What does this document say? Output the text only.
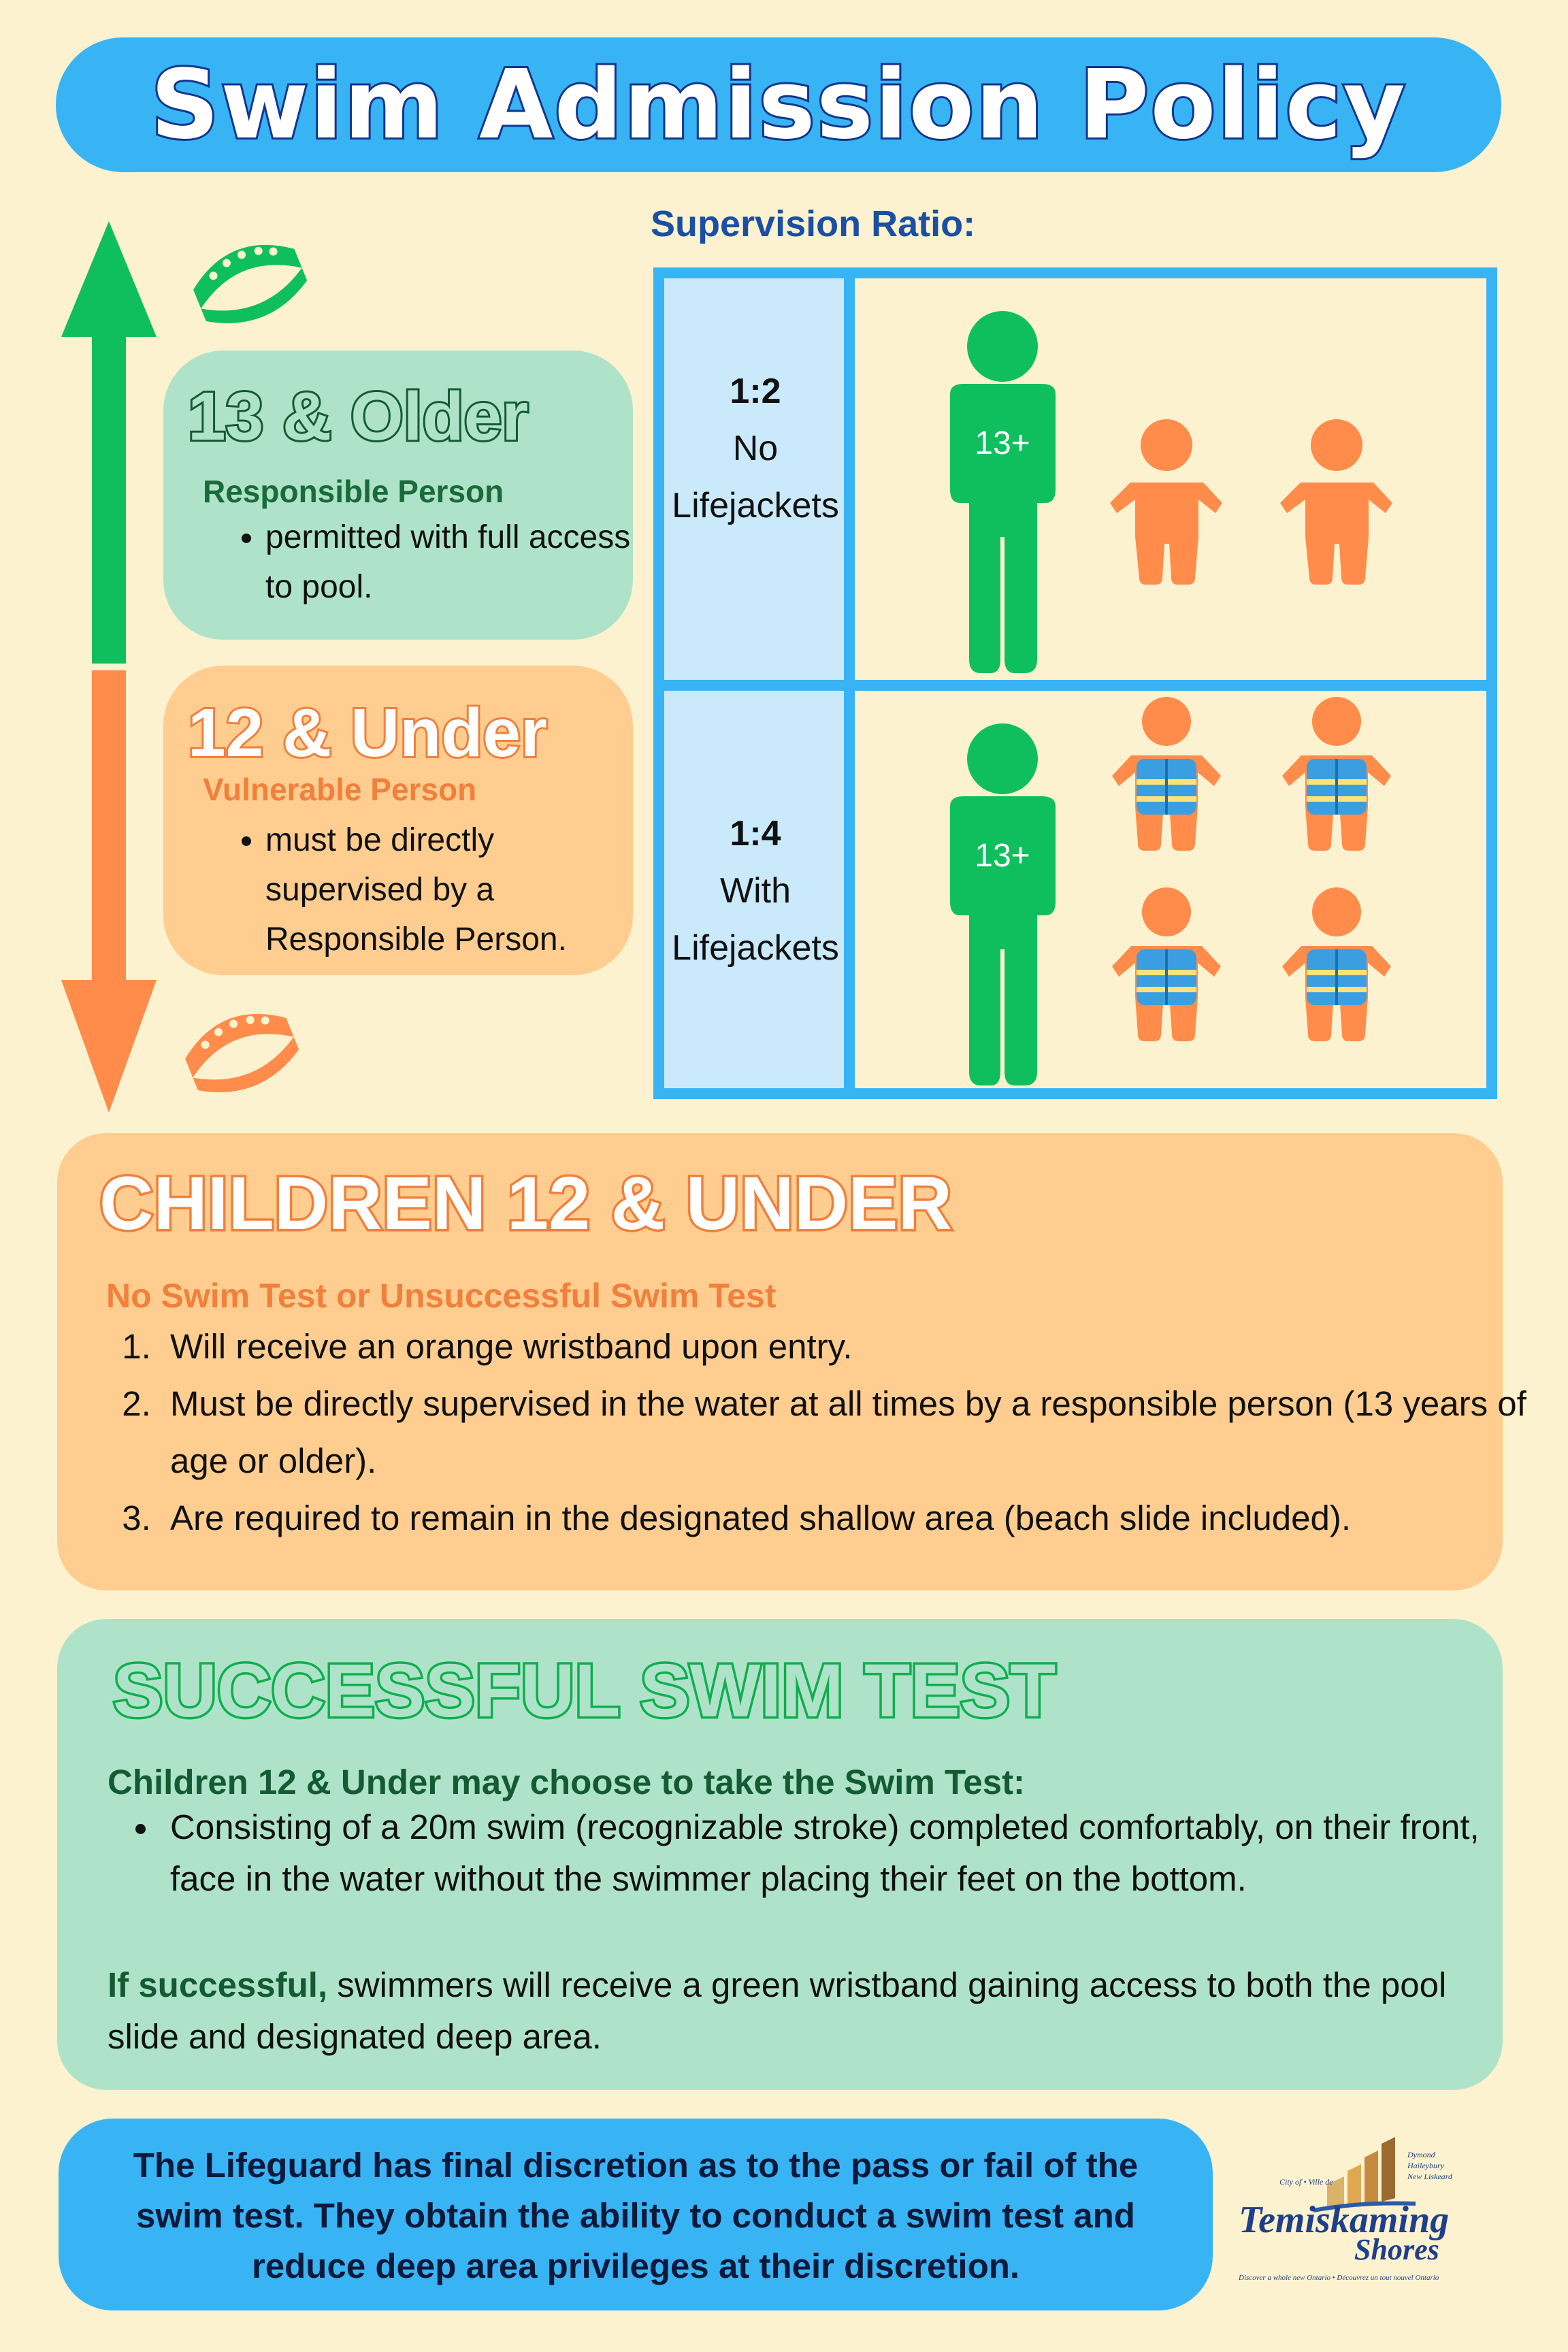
Swim Admission Policy
13 & Older
Responsible Person
• permitted with full access to pool.
12 & Under
Vulnerable Person
• must be directly supervised by a Responsible Person.
Supervision Ratio:
1:2
No
Lifejackets
1:4
With
Lifejackets
13+
13+
CHILDREN 12 & UNDER
No Swim Test or Unsuccessful Swim Test
1. Will receive an orange wristband upon entry.
2. Must be directly supervised in the water at all times by a responsible person (13 years of age or older).
3. Are required to remain in the designated shallow area (beach slide included).
SUCCESSFUL SWIM TEST
Children 12 & Under may choose to take the Swim Test:
• Consisting of a 20m swim (recognizable stroke) completed comfortably, on their front, face in the water without the swimmer placing their feet on the bottom.
If successful, swimmers will receive a green wristband gaining access to both the pool slide and designated deep area.
The Lifeguard has final discretion as to the pass or fail of the swim test. They obtain the ability to conduct a swim test and reduce deep area privileges at their discretion.
City of • Ville de
Dymond
Haileybury
New Liskeard
Temiskaming
Shores
Discover a whole new Ontario • Découvrez un tout nouvel Ontario
